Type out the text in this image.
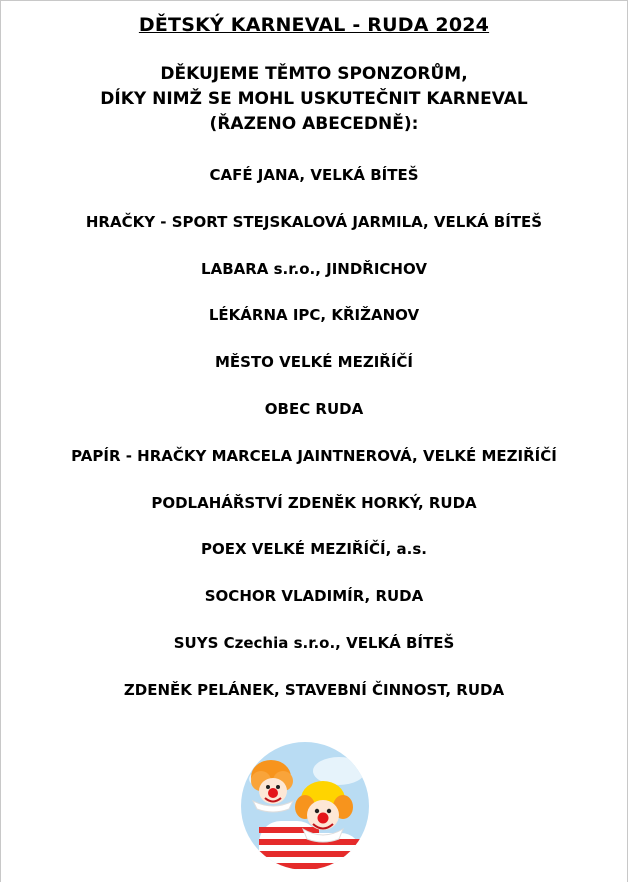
DĚTSKÝ KARNEVAL - RUDA 2024
DĚKUJEME TĚMTO SPONZORŮM,
DÍKY NIMŽ SE MOHL USKUTEČNIT KARNEVAL
(ŘAZENO ABECEDNĚ):
CAFÉ JANA, VELKÁ BÍTEŠ
HRAČKY - SPORT STEJSKALOVÁ JARMILA, VELKÁ BÍTEŠ
LABARA s.r.o., JINDŘICHOV
LÉKÁRNA IPC, KŘIŽANOV
MĚSTO VELKÉ MEZIŘÍČÍ
OBEC RUDA
PAPÍR - HRAČKY MARCELA JAINTNEROVÁ, VELKÉ MEZIŘÍČÍ
PODLAHÁŘSTVÍ ZDENĚK HORKÝ, RUDA
POEX VELKÉ MEZIŘÍČÍ, a.s.
SOCHOR VLADIMÍR, RUDA
SUYS Czechia s.r.o., VELKÁ BÍTEŠ
ZDENĚK PELÁNEK, STAVEBNÍ ČINNOST, RUDA
